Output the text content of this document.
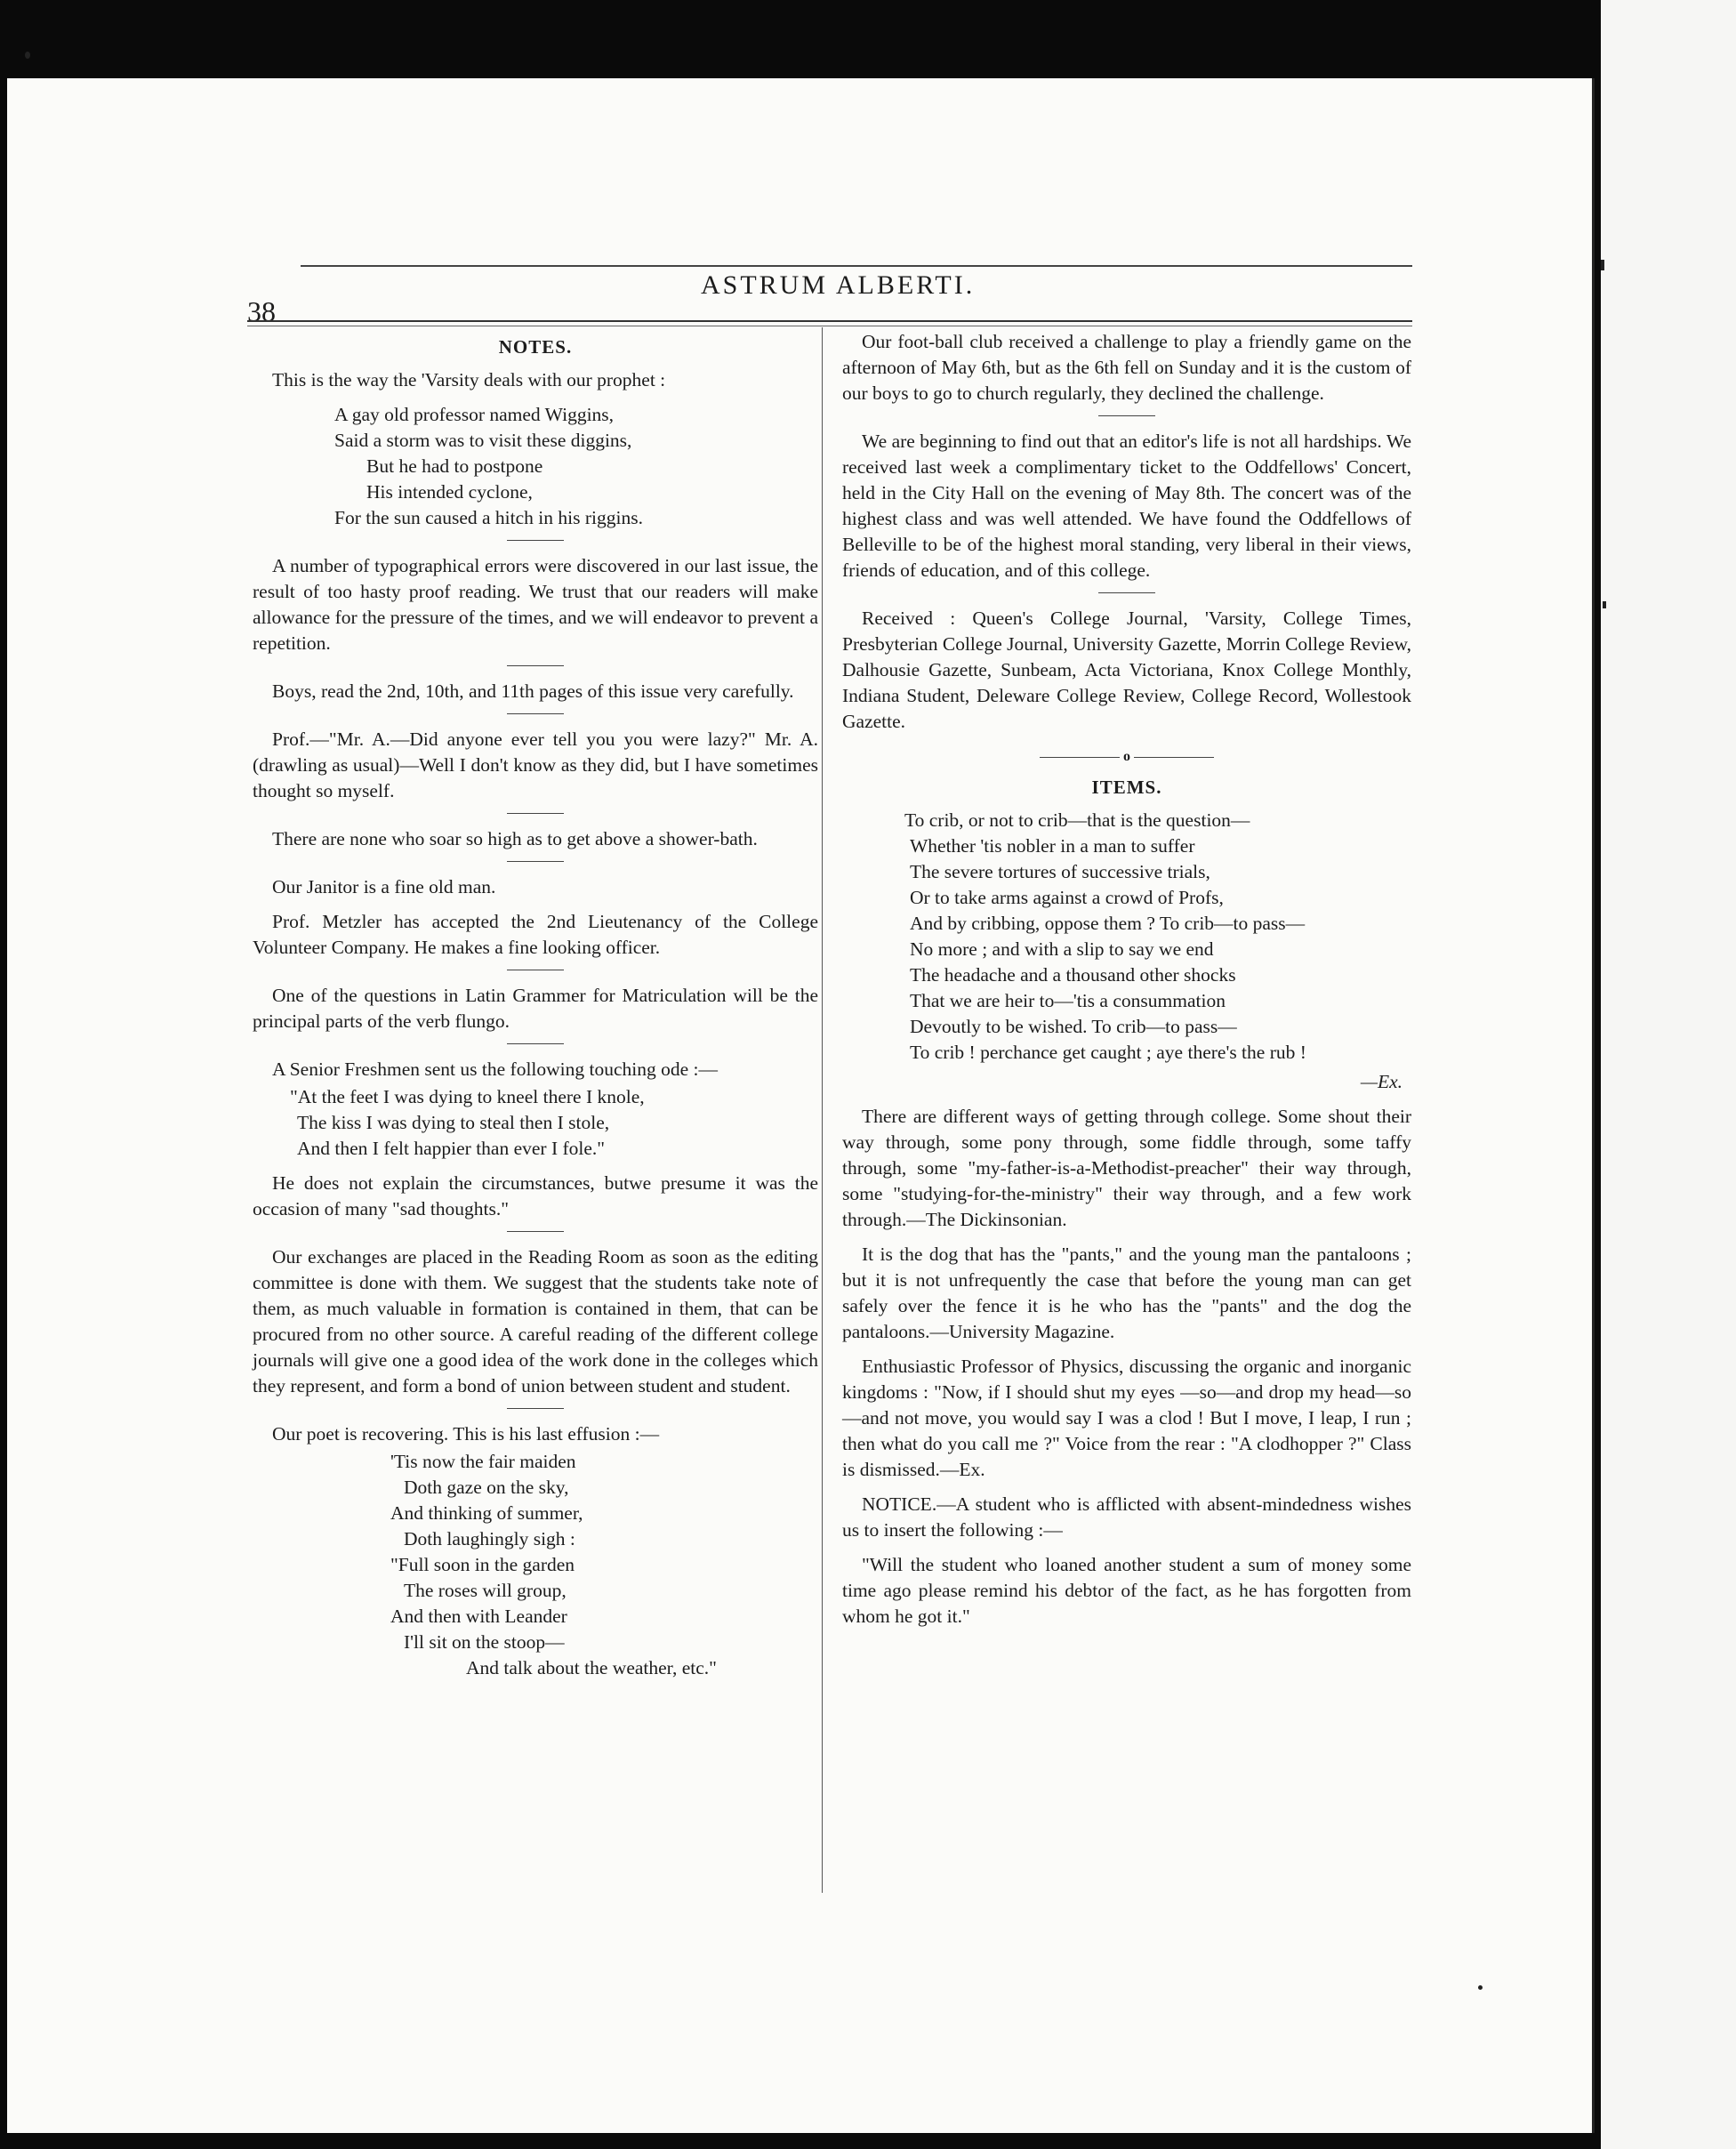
38
ASTRUM ALBERTI.
NOTES.

This is the way the 'Varsity deals with our prophet :

A gay old professor named Wiggins,
Said a storm was to visit these diggins,
But he had to postpone
His intended cyclone,
For the sun caused a hitch in his riggins.

A number of typographical errors were discovered in our last issue, the result of too hasty proof reading. We trust that our readers will make allowance for the pressure of the times, and we will endeavor to prevent a repetition.

Boys, read the 2nd, 10th, and 11th pages of this issue very carefully.

Prof.—"Mr. A.—Did anyone ever tell you you were lazy?" Mr. A. (drawling as usual)—Well I don't know as they did, but I have sometimes thought so myself.

There are none who soar so high as to get above a shower-bath.

Our Janitor is a fine old man.

Prof. Metzler has accepted the 2nd Lieutenancy of the College Volunteer Company. He makes a fine looking officer.

One of the questions in Latin Grammer for Matriculation will be the principal parts of the verb flungo.

A Senior Freshmen sent us the following touching ode :—

"At the feet I was dying to kneel there I knole,
The kiss I was dying to steal then I stole,
And then I felt happier than ever I fole."

He does not explain the circumstances, butwe presume it was the occasion of many "sad thoughts."

Our exchanges are placed in the Reading Room as soon as the editing committee is done with them. We suggest that the students take note of them, as much valuable in formation is contained in them, that can be procured from no other source. A careful reading of the different college journals will give one a good idea of the work done in the colleges which they represent, and form a bond of union between student and student.

Our poet is recovering. This is his last effusion :—

'Tis now the fair maiden
Doth gaze on the sky,
And thinking of summer,
Doth laughingly sigh :
"Full soon in the garden
The roses will group,
And then with Leander
I'll sit on the stoop—
And talk about the weather, etc."

Our foot-ball club received a challenge to play a friendly game on the afternoon of May 6th, but as the 6th fell on Sunday and it is the custom of our boys to go to church regularly, they declined the challenge.

We are beginning to find out that an editor's life is not all hardships. We received last week a complimentary ticket to the Oddfellows' Concert, held in the City Hall on the evening of May 8th. The concert was of the highest class and was well attended. We have found the Oddfellows of Belleville to be of the highest moral standing, very liberal in their views, friends of education, and of this college.

Received : Queen's College Journal, 'Varsity, College Times, Presbyterian College Journal, University Gazette, Morrin College Review, Dalhousie Gazette, Sunbeam, Acta Victoriana, Knox College Monthly, Indiana Student, Deleware College Review, College Record, Wollestook Gazette.

o
ITEMS.
To crib, or not to crib—that is the question—
Whether 'tis nobler in a man to suffer
The severe tortures of successive trials,
Or to take arms against a crowd of Profs,
And by cribbing, oppose them ? To crib—to pass—
No more ; and with a slip to say we end
The headache and a thousand other shocks
That we are heir to—'tis a consummation
Devoutly to be wished. To crib—to pass—
To crib ! perchance get caught ; aye there's the rub !
—Ex.

There are different ways of getting through college. Some shout their way through, some pony through, some fiddle through, some taffy through, some "my-father-is-a-Methodist-preacher" their way through, some "studying-for-the-ministry" their way through, and a few work through.—The Dickinsonian.

It is the dog that has the "pants," and the young man the pantaloons ; but it is not unfrequently the case that before the young man can get safely over the fence it is he who has the "pants" and the dog the pantaloons.—University Magazine.

Enthusiastic Professor of Physics, discussing the organic and inorganic kingdoms : "Now, if I should shut my eyes —so—and drop my head—so—and not move, you would say I was a clod ! But I move, I leap, I run ; then what do you call me ?" Voice from the rear : "A clodhopper ?" Class is dismissed.—Ex.

NOTICE.—A student who is afflicted with absent-mindedness wishes us to insert the following :—

"Will the student who loaned another student a sum of money some time ago please remind his debtor of the fact, as he has forgotten from whom he got it."
